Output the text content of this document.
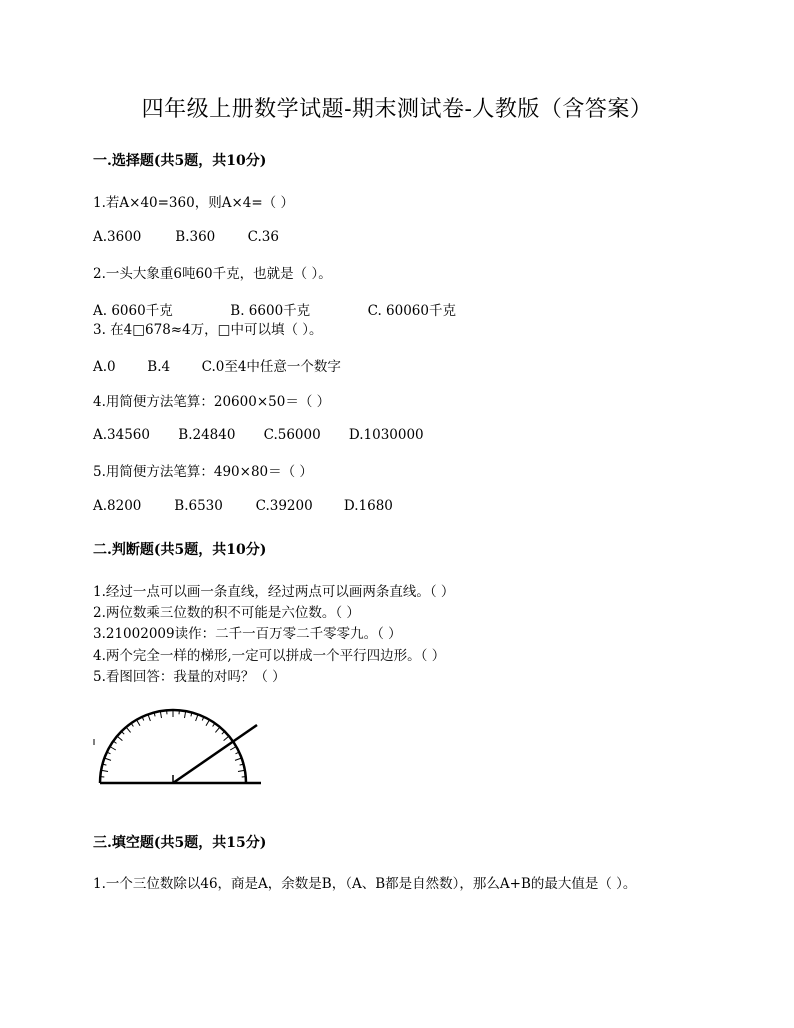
四年级上册数学试题-期末测试卷-人教版（含答案）
一.选择题(共5题，共10分)
1.若A×40=360，则A×4=（ ）
A.3600	B.360 C.36
2.一头大象重6吨60千克，也就是（ ）。
A. 6060千克	B. 6600千克	C. 60060千克
3. 在4□678≈4万，□中可以填（ ）。
A.0 B.4 C.0至4中任意一个数字
4.用简便方法笔算：20600×50＝（ ）
A.34560 B.24840 C.56000 D.1030000
5.用简便方法笔算：490×80＝（ ）
A.8200 B.6530 C.39200 D.1680
二.判断题(共5题，共10分)
1.经过一点可以画一条直线，经过两点可以画两条直线。（ ）
2.两位数乘三位数的积不可能是六位数。（ ）
3.21002009读作：二千一百万零二千零零九。（ ）
4.两个完全一样的梯形,一定可以拼成一个平行四边形。（ ）
5.看图回答：我量的对吗？（ ）
三.填空题(共5题，共15分)
1.一个三位数除以46，商是A，余数是B，（A、B都是自然数），那么A+B的最大值是（ ）。
